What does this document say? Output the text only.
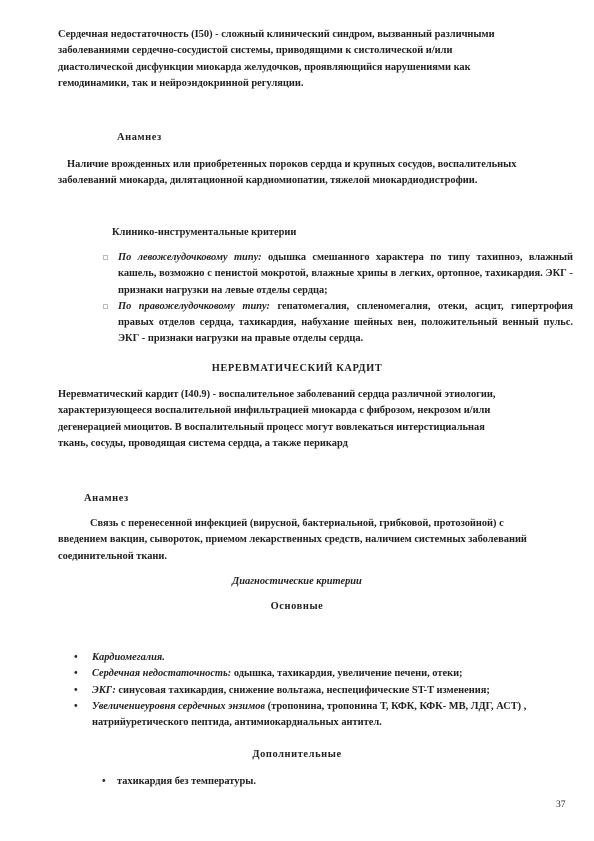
Сердечная недостаточность (I50) - сложный клинический синдром, вызванный различными
заболеваниями сердечно-сосудистой системы, приводящими к систолической и/или
диастолической дисфункции миокарда желудочков, проявляющийся нарушениями как
гемодинамики, так и нейроэндокринной регуляции.
Анамнез
Наличие врожденных или приобретенных пороков сердца и крупных сосудов, воспалительных
заболеваний миокарда, дилятационной кардиомиопатии, тяжелой миокардиодистрофии.
Клинико-инструментальные критерии
По левожелудочковому типу: одышка смешанного характера по типу тахипноэ, влажный кашель, возможно с пенистой мокротой, влажные хрипы в легких, ортопное, тахикардия. ЭКГ - признаки нагрузки на левые отделы сердца;
По правожелудочковому типу: гепатомегалия, спленомегалия, отеки, асцит, гипертрофия правых отделов сердца, тахикардия, набухание шейных вен, положительный венный пульс. ЭКГ - признаки нагрузки на правые отделы сердца.
НЕРЕВМАТИЧЕСКИЙ КАРДИТ
Неревматический кардит (I40.9) - воспалительное заболеваний сердца различной этиологии,
характеризующееся воспалительной инфильтрацией миокарда с фиброзом, некрозом и/или
дегенерацией миоцитов. В воспалительный процесс могут вовлекаться интерстициальная
ткань, сосуды, проводящая система сердца, а также перикард
Анамнез
Связь с перенесенной инфекцией (вирусной, бактериальной, грибковой, протозойной) с
введением вакцин, сывороток, приемом лекарственных средств, наличием системных заболеваний
соединительной ткани.
Диагностические критерии
Основные
• Кардиомегалия.
• Сердечная недостаточность: одышка, тахикардия, увеличение печени, отеки;
• ЭКГ: синусовая тахикардия, снижение вольтажа, неспецифические ST-T изменения;
• Увеличениеуровня сердечных энзимов (тропонина, тропонина Т, КФК, КФК- МВ, ЛДГ, АСТ) , натрийуретического пептида, антимиокардиальных антител.
Дополнительные
• тахикардия без температуры.
37
